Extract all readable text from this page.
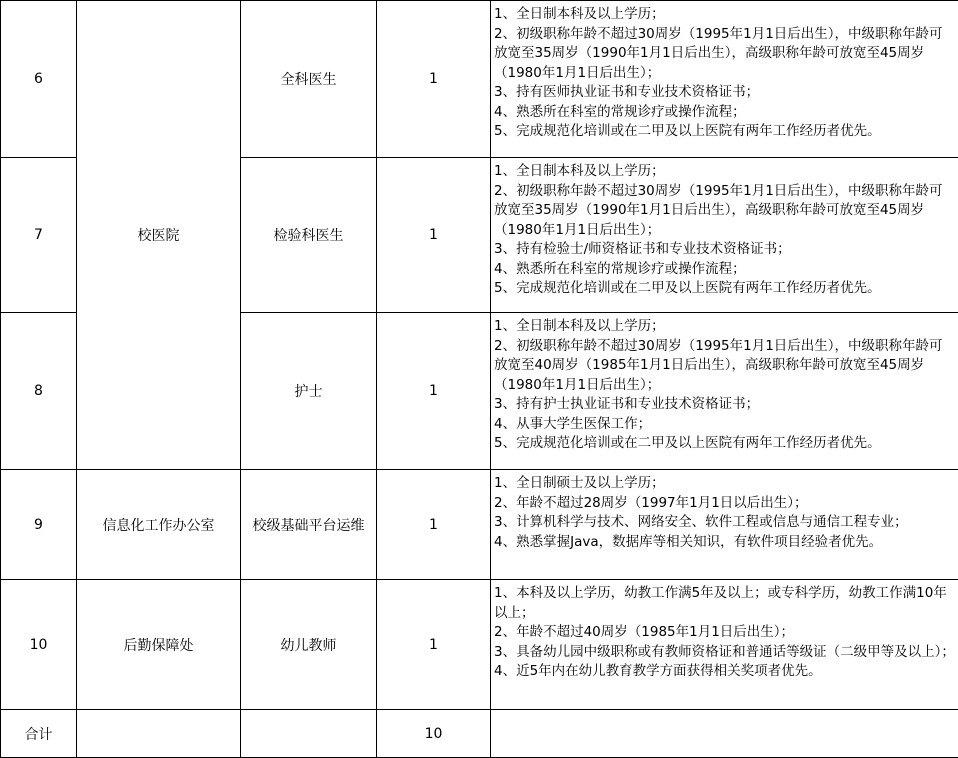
6	校医院	全科医生	1	1、全日制本科及以上学历；
2、初级职称年龄不超过30周岁（1995年1月1日后出生），中级职称年龄可放宽至35周岁（1990年1月1日后出生），高级职称年龄可放宽至45周岁（1980年1月1日后出生）；
3、持有医师执业证书和专业技术资格证书；
4、熟悉所在科室的常规诊疗或操作流程；
5、完成规范化培训或在二甲及以上医院有两年工作经历者优先。

7		检验科医生	1	1、全日制本科及以上学历；
2、初级职称年龄不超过30周岁（1995年1月1日后出生），中级职称年龄可放宽至35周岁（1990年1月1日后出生），高级职称年龄可放宽至45周岁（1980年1月1日后出生）；
3、持有检验士/师资格证书和专业技术资格证书；
4、熟悉所在科室的常规诊疗或操作流程；
5、完成规范化培训或在二甲及以上医院有两年工作经历者优先。

8		护士	1	1、全日制本科及以上学历；
2、初级职称年龄不超过30周岁（1995年1月1日后出生），中级职称年龄可放宽至40周岁（1985年1月1日后出生），高级职称年龄可放宽至45周岁（1980年1月1日后出生）；
3、持有护士执业证书和专业技术资格证书；
4、从事大学生医保工作；
5、完成规范化培训或在二甲及以上医院有两年工作经历者优先。

9	信息化工作办公室	校级基础平台运维	1	1、全日制硕士及以上学历；
2、年龄不超过28周岁（1997年1月1日以后出生）；
3、计算机科学与技术、网络安全、软件工程或信息与通信工程专业；
4、熟悉掌握Java，数据库等相关知识，有软件项目经验者优先。

10	后勤保障处	幼儿教师	1	1、本科及以上学历，幼教工作满5年及以上；或专科学历，幼教工作满10年以上；
2、年龄不超过40周岁（1985年1月1日后出生）；
3、具备幼儿园中级职称或有教师资格证和普通话等级证（二级甲等及以上）；
4、近5年内在幼儿教育教学方面获得相关奖项者优先。

合计			10	
